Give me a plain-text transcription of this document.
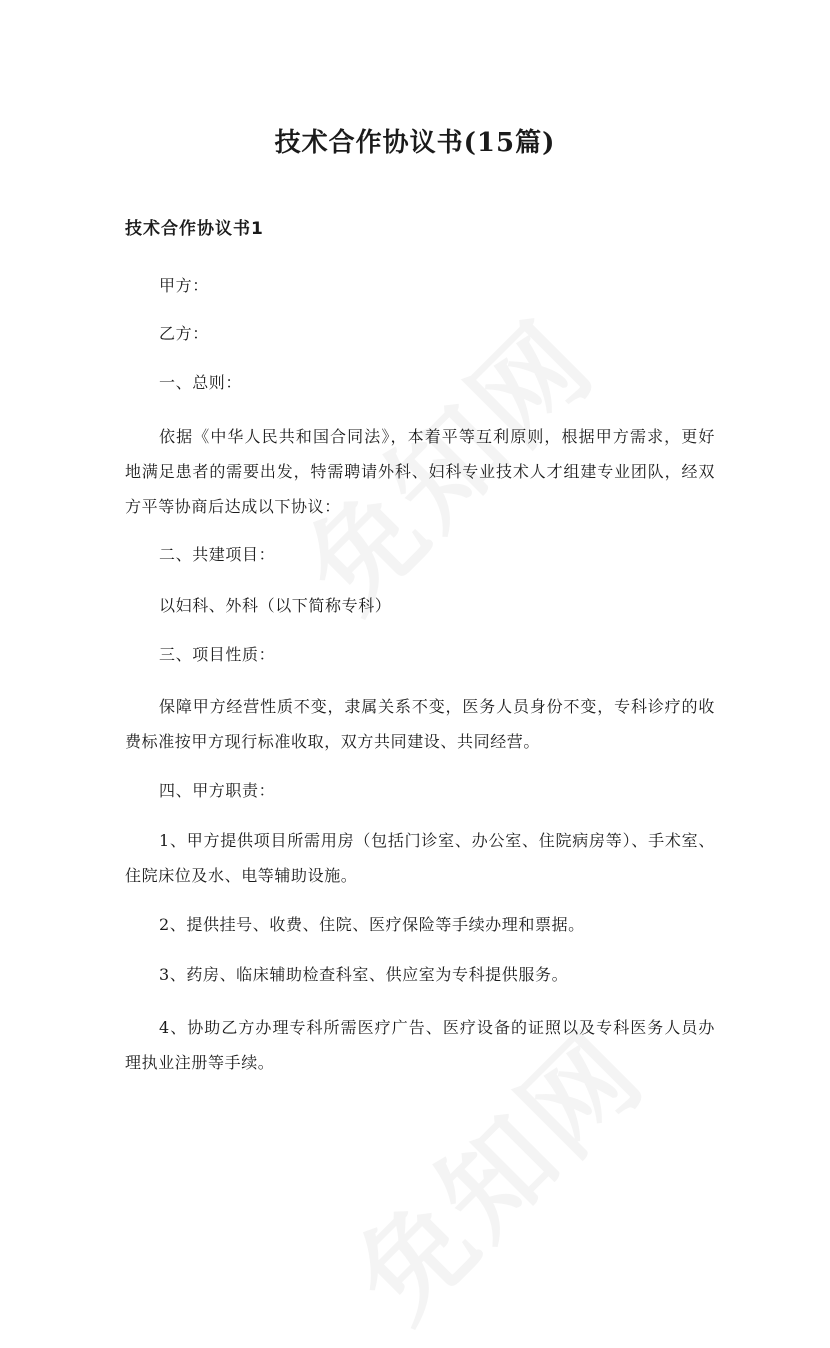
技术合作协议书(15篇)
技术合作协议书1
甲方：
乙方：
一、总则：
依据《中华人民共和国合同法》，本着平等互利原则，根据甲方需求，更好地满足患者的需要出发，特需聘请外科、妇科专业技术人才组建专业团队，经双方平等协商后达成以下协议：
二、共建项目：
以妇科、外科（以下简称专科）
三、项目性质：
保障甲方经营性质不变，隶属关系不变，医务人员身份不变，专科诊疗的收费标准按甲方现行标准收取，双方共同建设、共同经营。
四、甲方职责：
1、甲方提供项目所需用房（包括门诊室、办公室、住院病房等）、手术室、住院床位及水、电等辅助设施。
2、提供挂号、收费、住院、医疗保险等手续办理和票据。
3、药房、临床辅助检查科室、供应室为专科提供服务。
4、协助乙方办理专科所需医疗广告、医疗设备的证照以及专科医务人员办理执业注册等手续。
